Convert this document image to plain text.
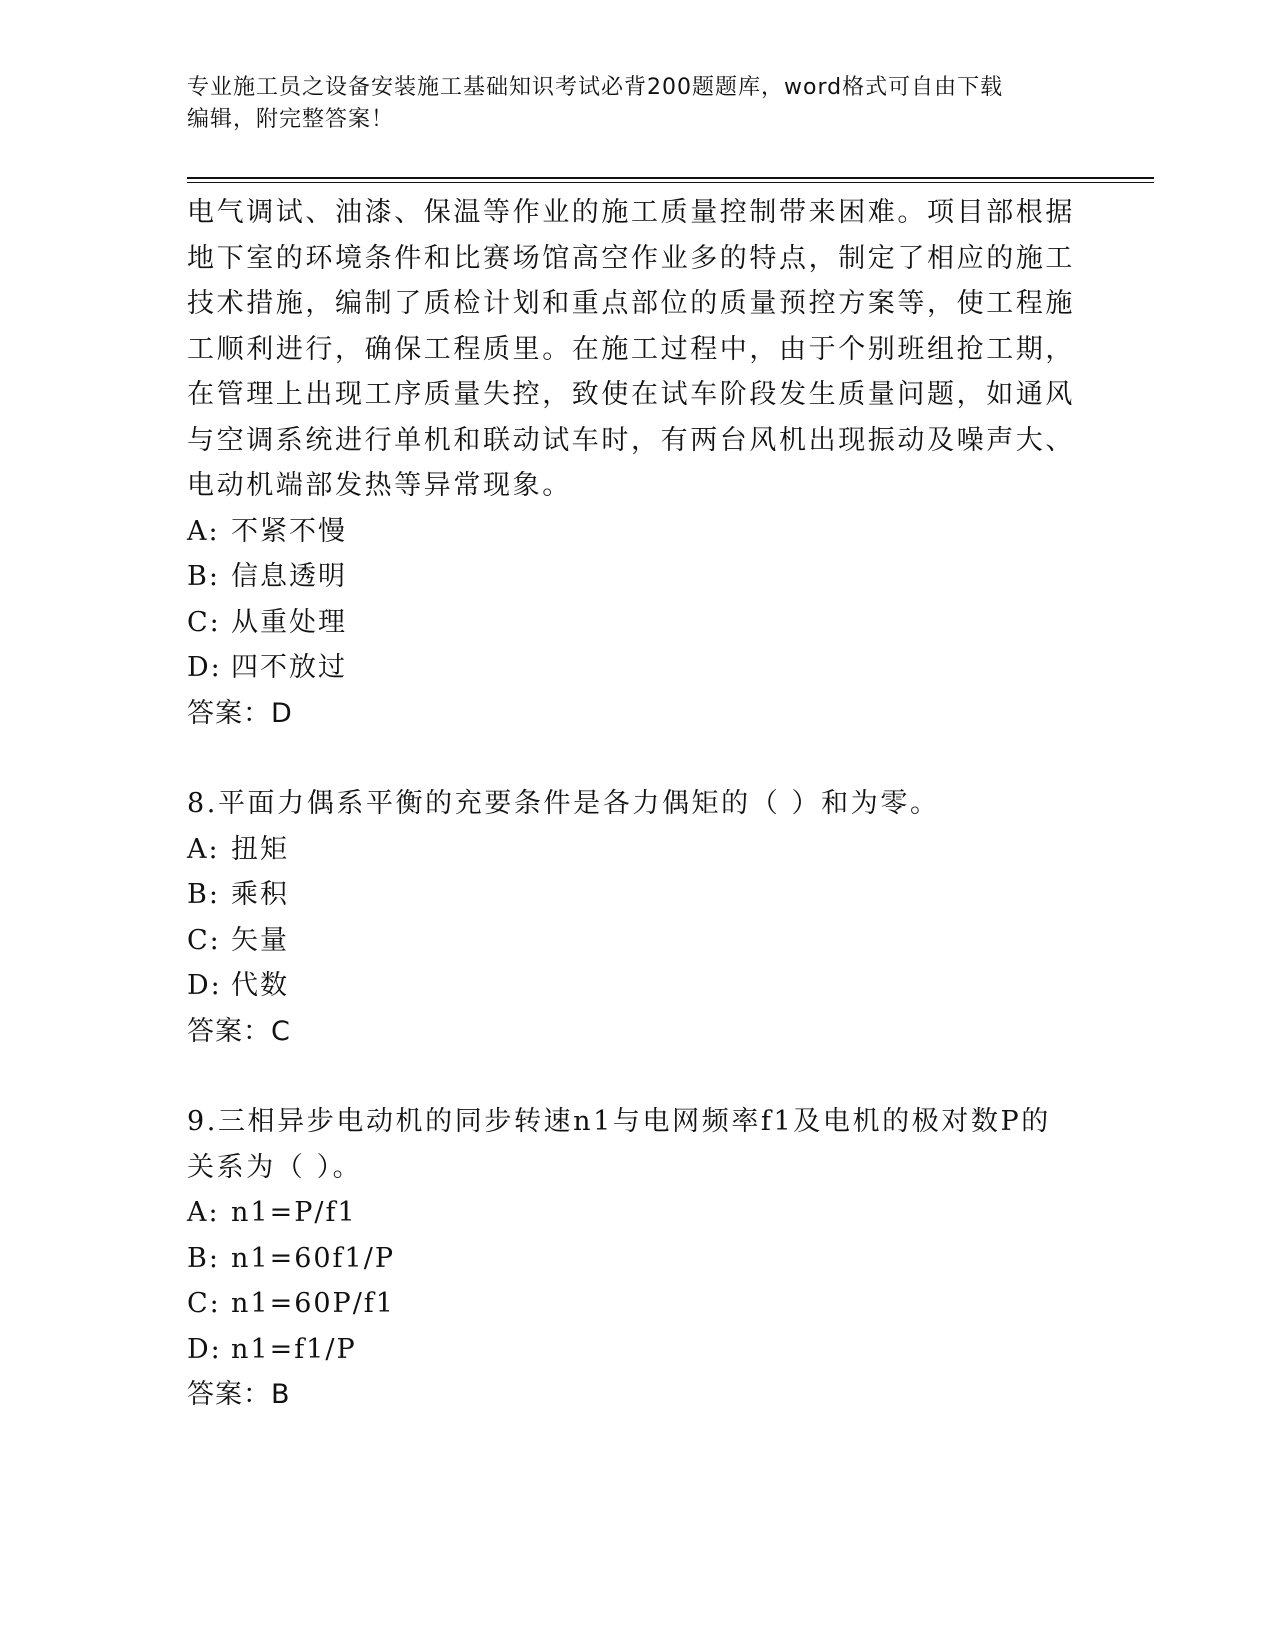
专业施工员之设备安装施工基础知识考试必背200题题库，word格式可自由下载
编辑，附完整答案！
电气调试、油漆、保温等作业的施工质量控制带来困难。项目部根据
地下室的环境条件和比赛场馆高空作业多的特点，制定了相应的施工
技术措施，编制了质检计划和重点部位的质量预控方案等，使工程施
工顺利进行，确保工程质里。在施工过程中，由于个别班组抢工期，
在管理上出现工序质量失控，致使在试车阶段发生质量问题，如通风
与空调系统进行单机和联动试车时，有两台风机出现振动及噪声大、
电动机端部发热等异常现象。
A: 不紧不慢
B: 信息透明
C: 从重处理
D: 四不放过
答案：D
8.平面力偶系平衡的充要条件是各力偶矩的（ ）和为零。
A: 扭矩
B: 乘积
C: 矢量
D: 代数
答案：C
9.三相异步电动机的同步转速n1与电网频率f1及电机的极对数P的
关系为（ ）。
A: n1=P/f1
B: n1=60f1/P
C: n1=60P/f1
D: n1=f1/P
答案：B
